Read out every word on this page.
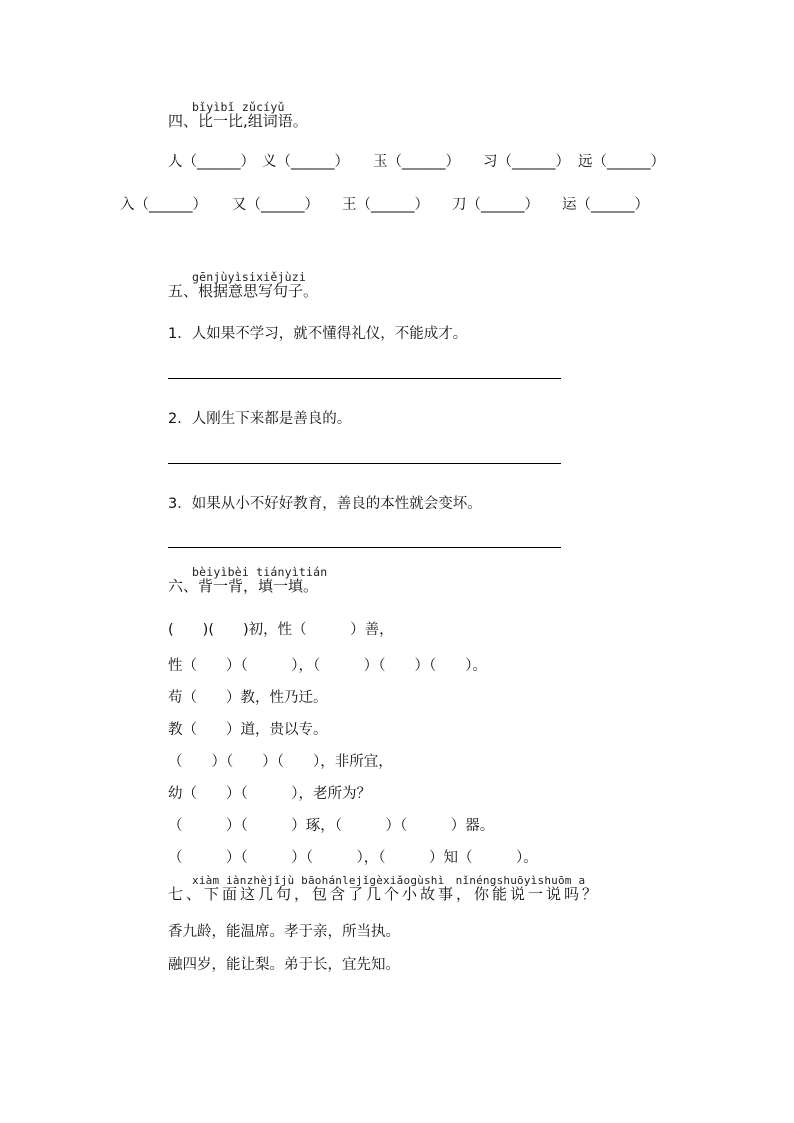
bǐyìbǐ zǔcíyǔ
四、比一比,组词语。
人（______） 义（______） 玉（______） 习（______） 远（______）
入（______） 又（______） 王（______） 刀（______） 运（______）
gēnjùyìsixiějùzi
五、根据意思写句子。
1．人如果不学习，就不懂得礼仪，不能成才。
2．人刚生下来都是善良的。
3．如果从小不好好教育，善良的本性就会变坏。
bèiyìbèi tiányìtián
六、背一背，填一填。
(　　)(　　)初，性（　　　）善，
性（　　）（　　　），（　　　）（　　）（　　）。
苟（　　）教，性乃迁。
教（　　）道，贵以专。
（　　）（　　）（　　），非所宜，
幼（　　）（　　　），老所为？
（　　　）（　　　）琢，（　　　）（　　　）器。
（　　　）（　　　）（　　　），（　　　）知（　　　）。
xiàm iànzhèjǐjù bāohánlejǐgèxiǎogùshì　nǐnéngshuōyìshuōm a
七、下面这几句，包含了几个小故事，你能说一说吗？
香九龄，能温席。孝于亲，所当执。
融四岁，能让梨。弟于长，宜先知。
